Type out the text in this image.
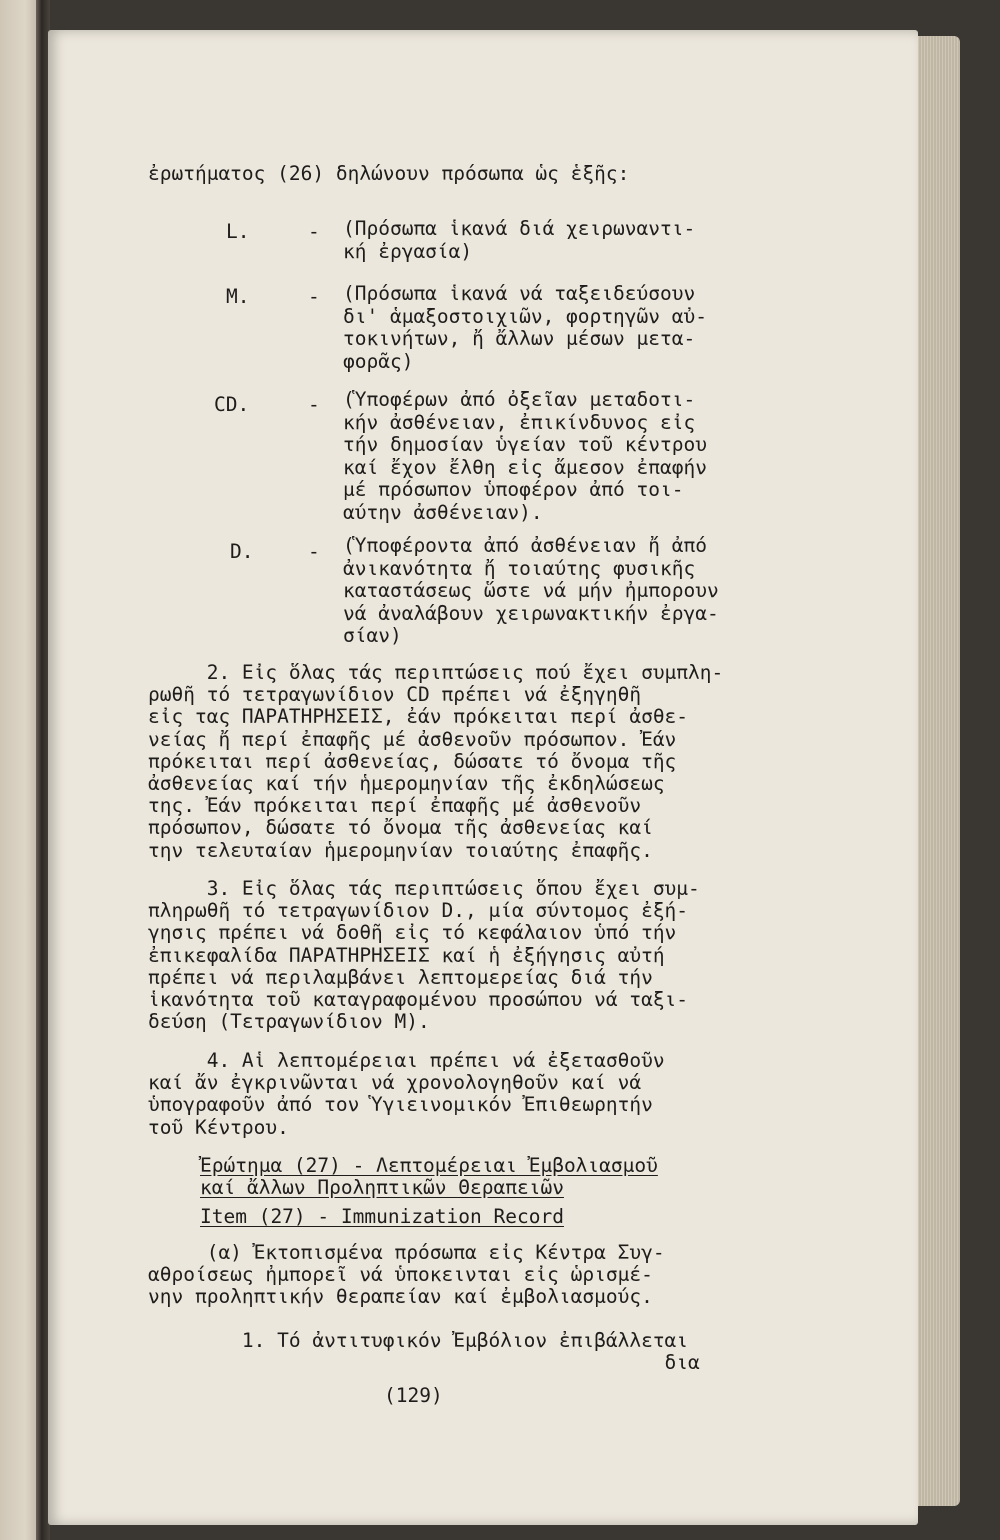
ἐρωτήματος (26) δηλώνουν πρόσωπα ὡς ἑξῆς:
L.	- (Πρόσωπα ἱκανά διά χειρωναντι-
κή ἐργασία)
M.	- (Πρόσωπα ἱκανά νά ταξειδεύσουν
δι' ἁμαξοστοιχιῶν, φορτηγῶν αὐ-
τοκινήτων, ἤ ἄλλων μέσων μετα-
φορᾶς)
CD.	- (Ὑποφέρων ἀπό ὀξεῖαν μεταδοτι-
κήν ἀσθένειαν, ἐπικίνδυνος εἰς
τήν δημοσίαν ὑγείαν τοῦ κέντρου
καί ἔχον ἔλθη εἰς ἄμεσον ἐπαφήν
μέ πρόσωπον ὑποφέρον ἀπό τοι-
αύτην ἀσθένειαν).
D.	- (Ὑποφέροντα ἀπό ἀσθένειαν ἤ ἀπό
ἀνικανότητα ἤ τοιαύτης φυσικῆς
καταστάσεως ὥστε νά μήν ἠμπορουν
νά ἀναλάβουν χειρωνακτικήν ἐργα-
σίαν)
2. Εἰς ὅλας τάς περιπτώσεις πού ἔχει συμπλη-
ρωθῆ τό τετραγωνίδιον CD πρέπει νά ἐξηγηθῆ
εἰς τας ΠΑΡΑΤΗΡΗΣΕΙΣ, ἐάν πρόκειται περί ἀσθε-
νείας ἤ περί ἐπαφῆς μέ ἀσθενοῦν πρόσωπον. Ἐάν
πρόκειται περί ἀσθενείας, δώσατε τό ὄνομα τῆς
ἀσθενείας καί τήν ἡμερομηνίαν τῆς ἐκδηλώσεως
της. Ἐάν πρόκειται περί ἐπαφῆς μέ ἀσθενοῦν
πρόσωπον, δώσατε τό ὄνομα τῆς ἀσθενείας καί
την τελευταίαν ἡμερομηνίαν τοιαύτης ἐπαφῆς.
3. Εἰς ὅλας τάς περιπτώσεις ὅπου ἔχει συμ-
πληρωθῆ τό τετραγωνίδιον D., μία σύντομος ἐξή-
γησις πρέπει νά δοθῆ εἰς τό κεφάλαιον ὑπό τήν
ἐπικεφαλίδα ΠΑΡΑΤΗΡΗΣΕΙΣ καί ἡ ἐξήγησις αὐτή
πρέπει νά περιλαμβάνει λεπτομερείας διά τήν
ἱκανότητα τοῦ καταγραφομένου προσώπου νά ταξι-
δεύση (Τετραγωνίδιον M).
4. Αἱ λεπτομέρειαι πρέπει νά ἐξετασθοῦν
καί ἄν ἐγκρινῶνται νά χρονολογηθοῦν καί νά
ὑπογραφοῦν ἀπό τον Ὑγιεινομικόν Ἐπιθεωρητήν
τοῦ Κέντρου.
Ἐρώτημα (27) - Λεπτομέρειαι Ἐμβολιασμοῦ
καί ἄλλων Προληπτικῶν Θεραπειῶν
Item (27) - Immunization Record
(α) Ἐκτοπισμένα πρόσωπα εἰς Κέντρα Συγ-
αθροίσεως ἠμπορεῖ νά ὑποκεινται εἰς ὡρισμέ-
νην προληπτικήν θεραπείαν καί ἐμβολιασμούς.
1. Τό ἀντιτυφικόν Ἐμβόλιον ἐπιβάλλεται
δια
(129)
